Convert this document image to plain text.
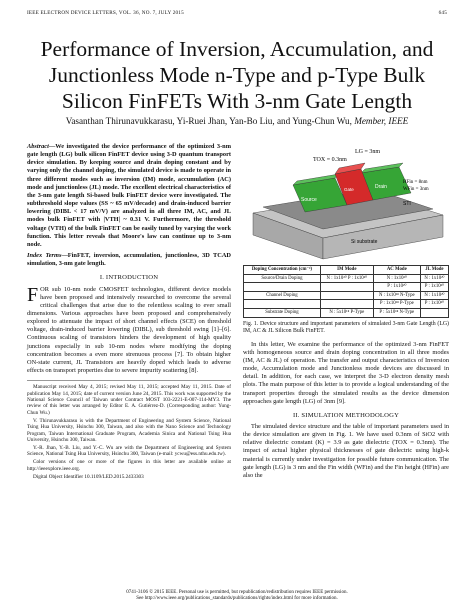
IEEE ELECTRON DEVICE LETTERS, VOL. 36, NO. 7, JULY 2015	645
Performance of Inversion, Accumulation, and Junctionless Mode n-Type and p-Type Bulk Silicon FinFETs With 3-nm Gate Length
Vasanthan Thirunavukkarasu, Yi-Ruei Jhan, Yan-Bo Liu, and Yung-Chun Wu, Member, IEEE
Abstract—We investigated the device performance of the optimized 3-nm gate length (LG) bulk silicon FinFET device using 3-D quantum transport device simulation. By keeping source and drain doping constant and by varying only the channel doping, the simulated device is made to operate in three different modes such as inversion (IM) mode, accumulation (AC) mode and junctionless (JL) mode. The excellent electrical characteristics of the 3-nm gate length Si-based bulk FinFET device were investigated. The subthreshold slope values (SS ~ 65 mV/decade) and drain-induced barrier lowering (DIBL < 17 mV/V) are analyzed in all three IM, AC, and JL modes bulk FinFET with |VTH| ~ 0.31 V. Furthermore, the threshold voltage (VTH) of the bulk FinFET can be easily tuned by varying the work function. This letter reveals that Moore's law can continue up to 3-nm node.
Index Terms—FinFET, inversion, accumulation, junctionless, 3D TCAD simulation, 3-nm gate length.
I. INTRODUCTION

FOR sub 10-nm node CMOSFET technologies, different device models have been proposed and intensively researched to overcome the several critical challenges that arise due to the relentless scaling to ever small dimensions. Various approaches have been proposed and comprehensively explored to attenuate the impact of short channel effects (SCE) on threshold voltage, drain-induced barrier lowering (DIBL), sub threshold swing [1]–[6]. Continuous scaling of transistors hinders the development of high quality junctions especially in sub 10-nm nodes where modifying the doping concentration becomes a even more strenuous process [7]. To obtain higher ON-state current, JL Transistors are heavily doped which leads to adverse effects on transport properties due to severe impurity scattering [8].

Manuscript received May 4, 2015; revised May 11, 2015; accepted May 11, 2015. Date of publication May 14, 2015; date of current version June 24, 2015. This work was supported by the National Science Council of Taiwan under Contract MOST 103-2221-E-007-114-MY3. The review of this letter was arranged by Editor E. A. Gutiérrez-D. (Corresponding author: Yung-Chun Wu.)

V. Thirunavukkarasu is with the Department of Engineering and System Science, National Tsing Hua University, Hsinchu 300, Taiwan, and also with the Nano Science and Technology Program, Taiwan International Graduate Program, Academia Sinica and National Tsing Hua University, Hsinchu 300, Taiwan.

Y.-R. Jhan, Y.-B. Liu, and Y.-C. Wu are with the Department of Engineering and System Science, National Tsing Hua University, Hsinchu 300, Taiwan (e-mail: ycwu@ess.nthu.edu.tw).

Color versions of one or more of the figures in this letter are available online at http://ieeexplore.ieee.org.

Digital Object Identifier 10.1109/LED.2015.2433303

LG = 3nm
TOX = 0.3nm
HFin = 8nm
WFin = 3nm
Source
Drain
Gate
STI
Si substrate
Doping Concentration (cm⁻³)	IM Mode	AC Mode	JL Mode
Source/Drain Doping	N : 1x10²⁰ P : 1x10²⁰	N : 1x10²⁰	N : 1x10²⁰
		P : 1x10²⁰	P : 1x10²⁰
Channel Doping		N : 1x10¹⁸ N-Type	N : 1x10²⁰
		P : 1x10¹⁸ P-Type	P : 1x10²⁰
Substrate Doping	N : 5x10¹⁸ P-Type	P : 5x10¹⁸ N-Type	
Fig. 1. Device structure and important parameters of simulated 3-nm Gate Length (LG) IM, AC & JL Silicon Bulk FinFET.

In this letter, We examine the performance of the optimized 3-nm FinFET with homogeneous source and drain doping concentration in all three modes (IM, AC & JL) of operation. The transfer and output characteristics of Inversion mode, Accumulation mode and Junctionless mode devices are discussed in detail. In addition, for each case, we interpret the 3-D electron density mesh plots. The main purpose of this letter is to provide a logical understanding of the transport properties through the simulated results as the device dimension approaches gate length (LG) of 3nm [9].

II. SIMULATION METHODOLOGY

The simulated device structure and the table of important parameters used in the device simulation are given in Fig. 1. We have used 0.3nm of SiO2 with relative dielectric constant (K) = 3.9 as gate dielectric (TOX = 0.3nm). The impact of actual higher physical thicknesses of gate dielectric using high-k material is currently under investigation for possible future communication. The gate length (LG) is 3 nm and the Fin width (WFin) and the Fin height (HFin) are also the

0741-3106 © 2015 IEEE. Personal use is permitted, but republication/redistribution requires IEEE permission.
See http://www.ieee.org/publications_standards/publications/rights/index.html for more information.
